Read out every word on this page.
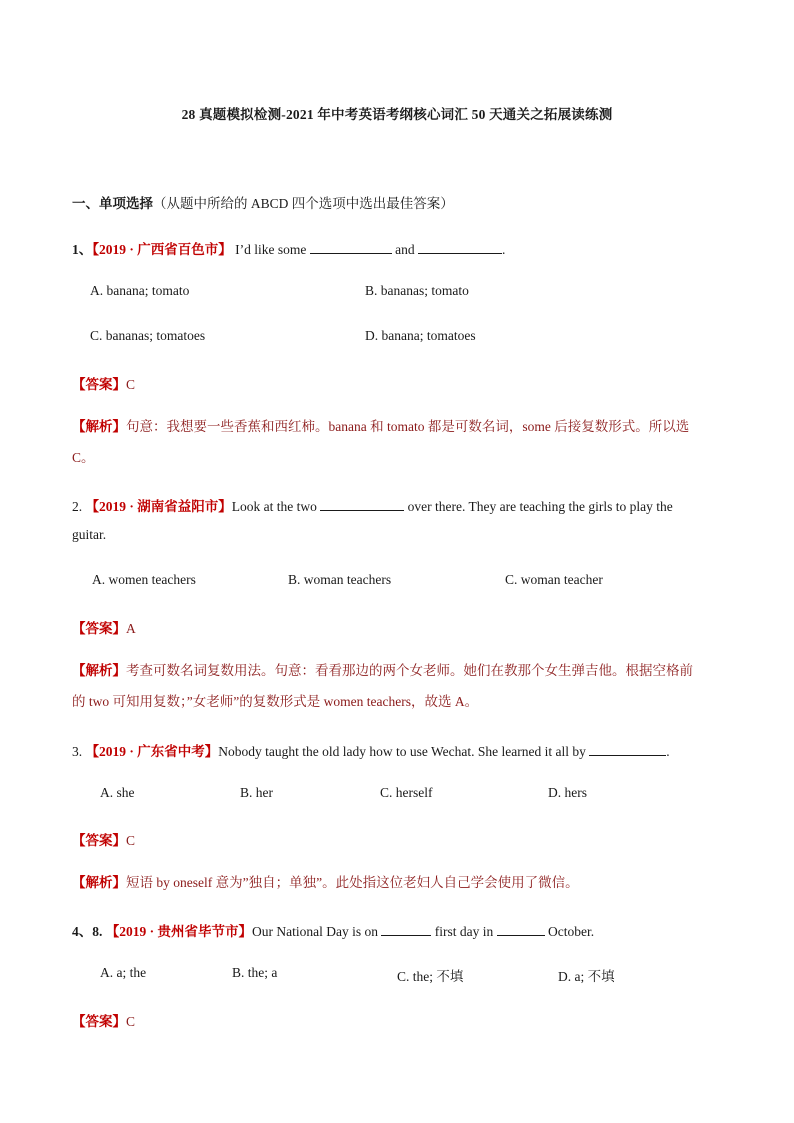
28 真题模拟检测-2021 年中考英语考纲核心词汇 50 天通关之拓展读练测
一、单项选择（从题中所给的 ABCD 四个选项中选出最佳答案）
1、【2019 · 广西省百色市】 I’d like some	and	.
A. banana; tomato	B. bananas; tomato
C. bananas; tomatoes	D. banana; tomatoes
【答案】C
【解析】句意：我想要一些香蕉和西红柿。banana 和 tomato 都是可数名词，some 后接复数形式。所以选
C。
2. 【2019 · 湖南省益阳市】Look at the two	over there. They are teaching the girls to play the
guitar.
A. women teachers	B. woman teachers	C. woman teacher
【答案】A
【解析】考查可数名词复数用法。句意：看看那边的两个女老师。她们在教那个女生弹吉他。根据空格前
的 two 可知用复数；”女老师”的复数形式是 women teachers，故选 A。
3. 【2019 · 广东省中考】Nobody taught the old lady how to use Wechat. She learned it all by	.
A. she	B. her	C. herself	D. hers
【答案】C
【解析】短语 by oneself 意为”独自；单独”。此处指这位老妇人自己学会使用了微信。
4、8. 【2019 · 贵州省毕节市】Our National Day is on	first day in	October.
A. a; the	B. the; a	C. the; 不填	D. a; 不填
【答案】C
